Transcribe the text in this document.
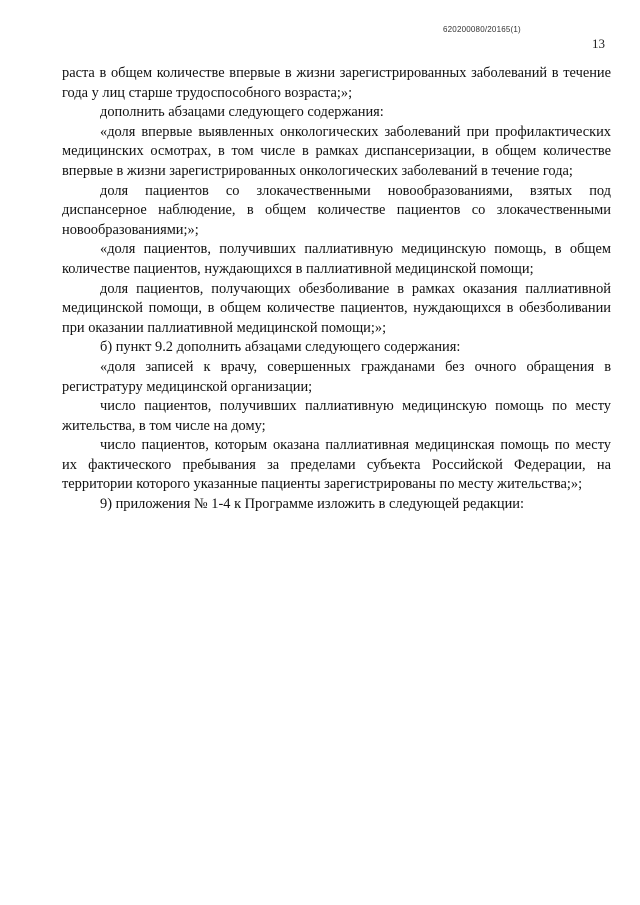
620200080/20165(1)
13

раста в общем количестве впервые в жизни зарегистрированных заболеваний в течение года у лиц старше трудоспособного возраста;»;

дополнить абзацами следующего содержания:

«доля впервые выявленных онкологических заболеваний при профилактических медицинских осмотрах, в том числе в рамках диспансеризации, в общем количестве впервые в жизни зарегистрированных онкологических заболеваний в течение года;

доля пациентов со злокачественными новообразованиями, взятых под диспансерное наблюдение, в общем количестве пациентов со злокачественными новообразованиями;»;

«доля пациентов, получивших паллиативную медицинскую помощь, в общем количестве пациентов, нуждающихся в паллиативной медицинской помощи;

доля пациентов, получающих обезболивание в рамках оказания паллиативной медицинской помощи, в общем количестве пациентов, нуждающихся в обезболивании при оказании паллиативной медицинской помощи;»;

б) пункт 9.2 дополнить абзацами следующего содержания:

«доля записей к врачу, совершенных гражданами без очного обращения в регистратуру медицинской организации;

число пациентов, получивших паллиативную медицинскую помощь по месту жительства, в том числе на дому;

число пациентов, которым оказана паллиативная медицинская помощь по месту их фактического пребывания за пределами субъекта Российской Федерации, на территории которого указанные пациенты зарегистрированы по месту жительства;»;

9) приложения № 1-4 к Программе изложить в следующей редакции:
